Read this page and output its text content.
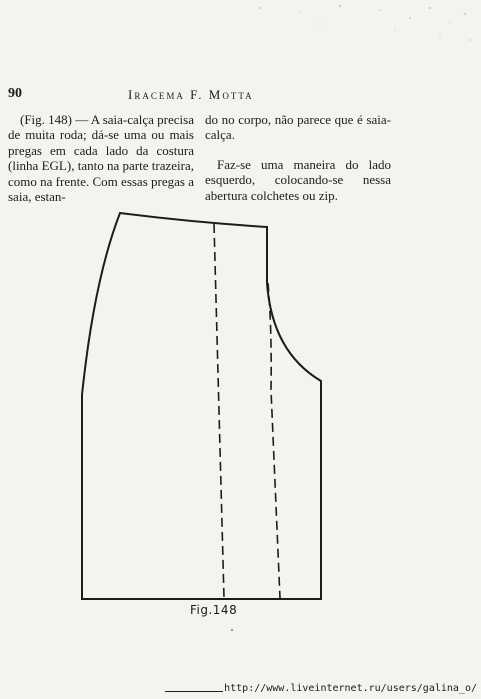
90	Iracema F. Motta

(Fig. 148) — A saia-calça precisa de muita roda; dá-se uma ou mais pregas em cada lado da costura (linha EGL), tanto na parte trazeira, como na frente. Com essas pregas a saia, estan-

do no corpo, não parece que é saia-calça.

Faz-se uma maneira do lado esquerdo, colocando-se nessa abertura colchetes ou zip.

Fig.148
http://www.liveinternet.ru/users/galina_o/
